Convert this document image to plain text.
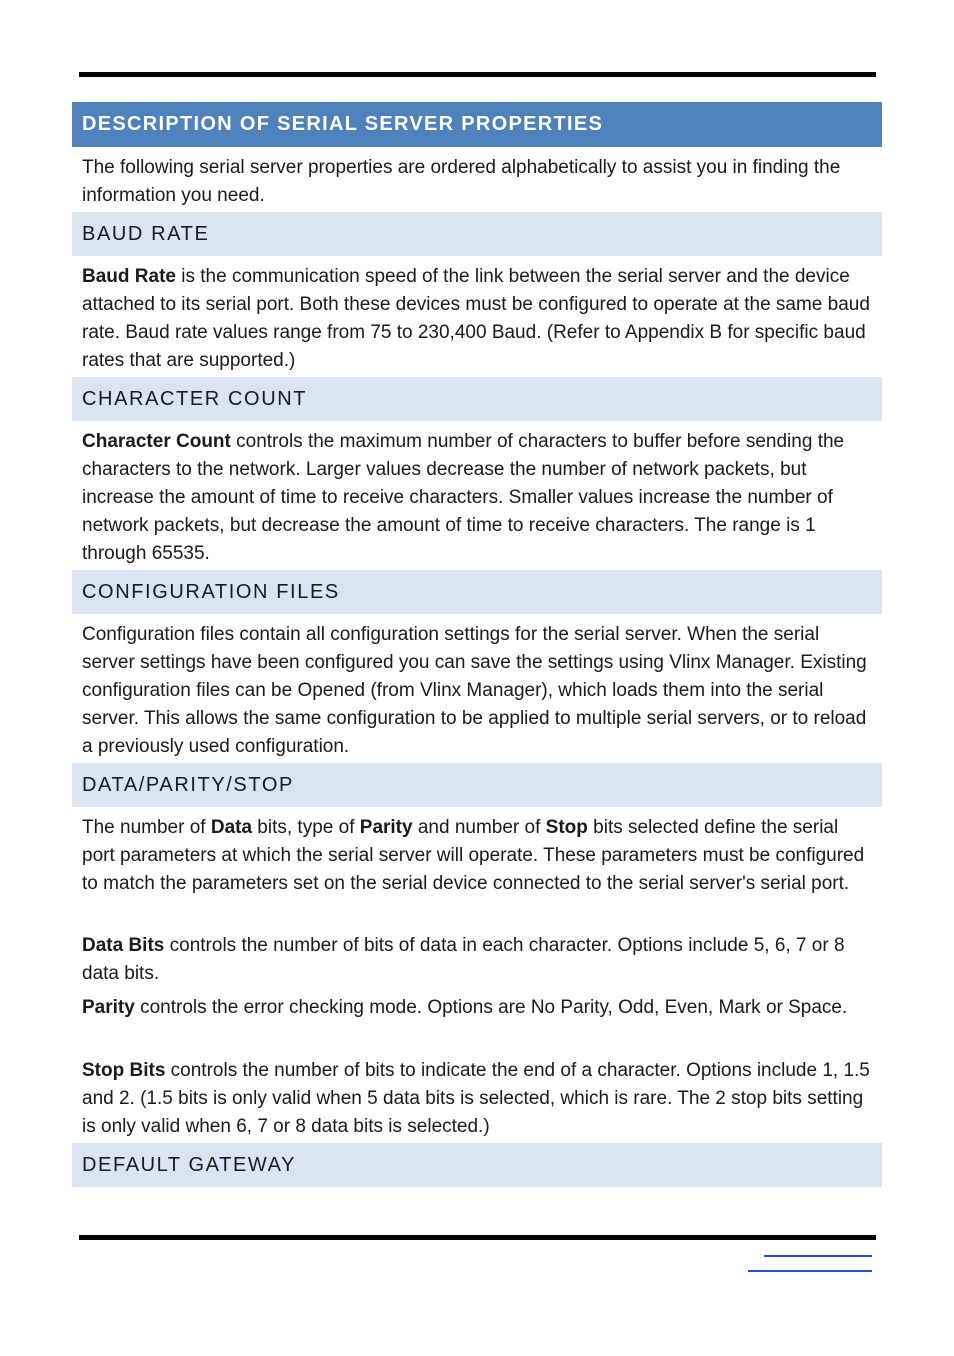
DESCRIPTION OF SERIAL SERVER PROPERTIES

The following serial server properties are ordered alphabetically to assist you in finding the information you need.

BAUD RATE

Baud Rate is the communication speed of the link between the serial server and the device attached to its serial port. Both these devices must be configured to operate at the same baud rate. Baud rate values range from 75 to 230,400 Baud. (Refer to Appendix B for specific baud rates that are supported.)

CHARACTER COUNT

Character Count controls the maximum number of characters to buffer before sending the characters to the network. Larger values decrease the number of network packets, but increase the amount of time to receive characters. Smaller values increase the number of network packets, but decrease the amount of time to receive characters. The range is 1 through 65535.

CONFIGURATION FILES

Configuration files contain all configuration settings for the serial server. When the serial server settings have been configured you can save the settings using Vlinx Manager. Existing configuration files can be Opened (from Vlinx Manager), which loads them into the serial server. This allows the same configuration to be applied to multiple serial servers, or to reload a previously used configuration.

DATA/PARITY/STOP

The number of Data bits, type of Parity and number of Stop bits selected define the serial port parameters at which the serial server will operate. These parameters must be configured to match the parameters set on the serial device connected to the serial server's serial port.

Data Bits controls the number of bits of data in each character. Options include 5, 6, 7 or 8 data bits.

Parity controls the error checking mode. Options are No Parity, Odd, Even, Mark or Space.

Stop Bits controls the number of bits to indicate the end of a character. Options include 1, 1.5 and 2. (1.5 bits is only valid when 5 data bits is selected, which is rare. The 2 stop bits setting is only valid when 6, 7 or 8 data bits is selected.)

DEFAULT GATEWAY
